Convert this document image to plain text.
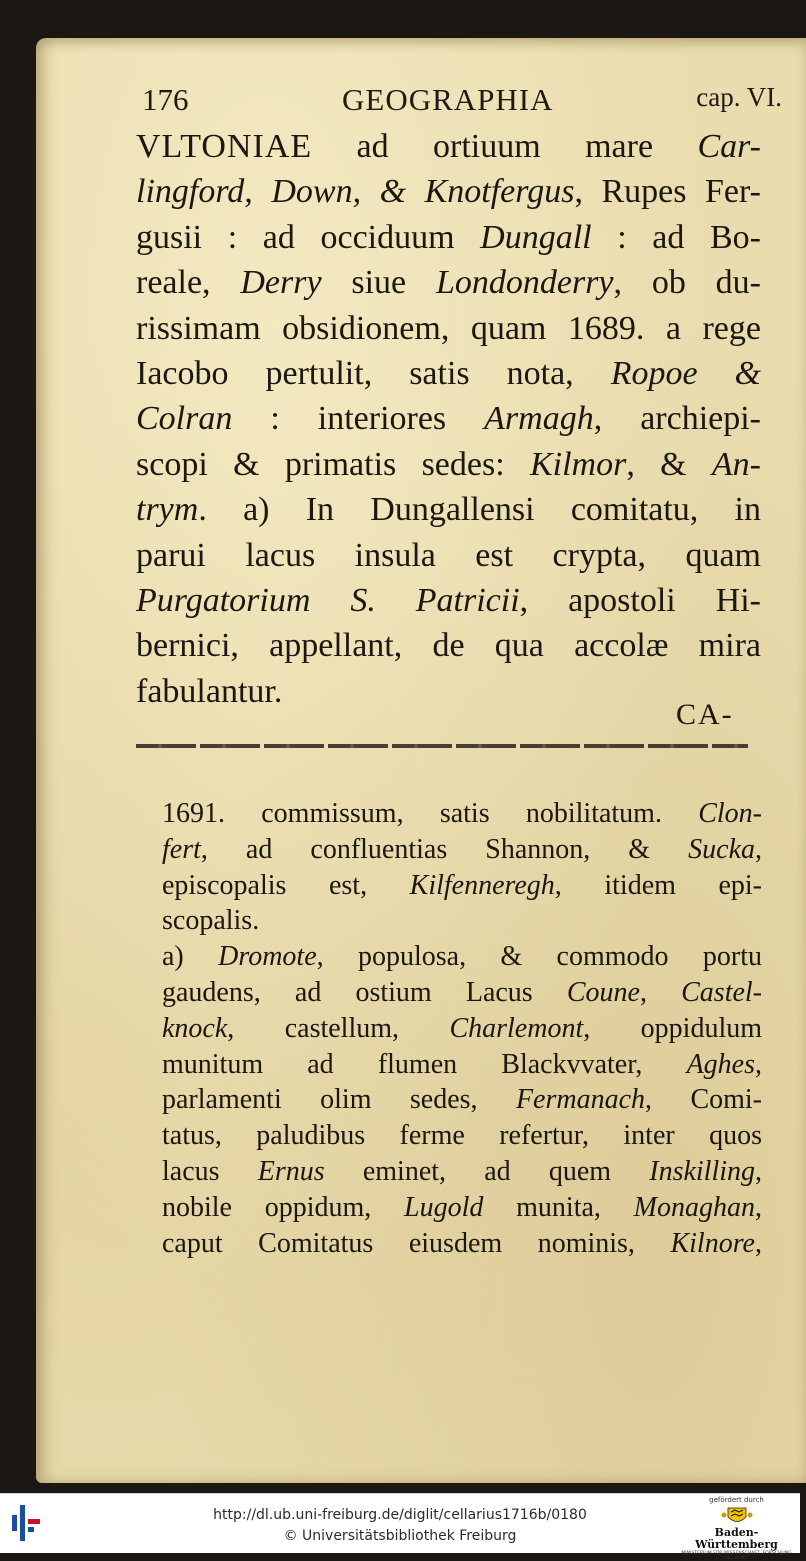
176	GEOGRAPHIA	cap. VI.
VLTONIAE ad ortiuum mare Car-
lingford, Down, & Knotfergus, Rupes Fer-
gusii : ad occiduum Dungall : ad Bo-
reale, Derry siue Londonderry, ob du-
rissimam obsidionem, quam 1689. a rege
Iacobo pertulit, satis nota, Ropoe &
Colran : interiores Armagh, archiepi-
scopi & primatis sedes: Kilmor, & An-
trym. a) In Dungallensi comitatu, in
parui lacus insula est crypta, quam
Purgatorium S. Patricii, apostoli Hi-
bernici, appellant, de qua accolæ mira
fabulantur.
CA-
1691. commissum, satis nobilitatum. Clon-
fert, ad confluentias Shannon, & Sucka,
episcopalis est, Kilfenneregh, itidem epi-
scopalis.
a) Dromote, populosa, & commodo portu
gaudens, ad ostium Lacus Coune, Castel-
knock, castellum, Charlemont, oppidulum
munitum ad flumen Blackvvater, Aghes,
parlamenti olim sedes, Fermanach, Comi-
tatus, paludibus ferme refertur, inter quos
lacus Ernus eminet, ad quem Inskilling,
nobile oppidum, Lugold munita, Monaghan,
caput Comitatus eiusdem nominis, Kilnore,
http://dl.ub.uni-freiburg.de/diglit/cellarius1716b/0180
© Universitätsbibliothek Freiburg
gefördert durch
Baden-Württemberg
MINISTERIUM FÜR WISSENSCHAFT, FORSCHUNG UND KUNST
